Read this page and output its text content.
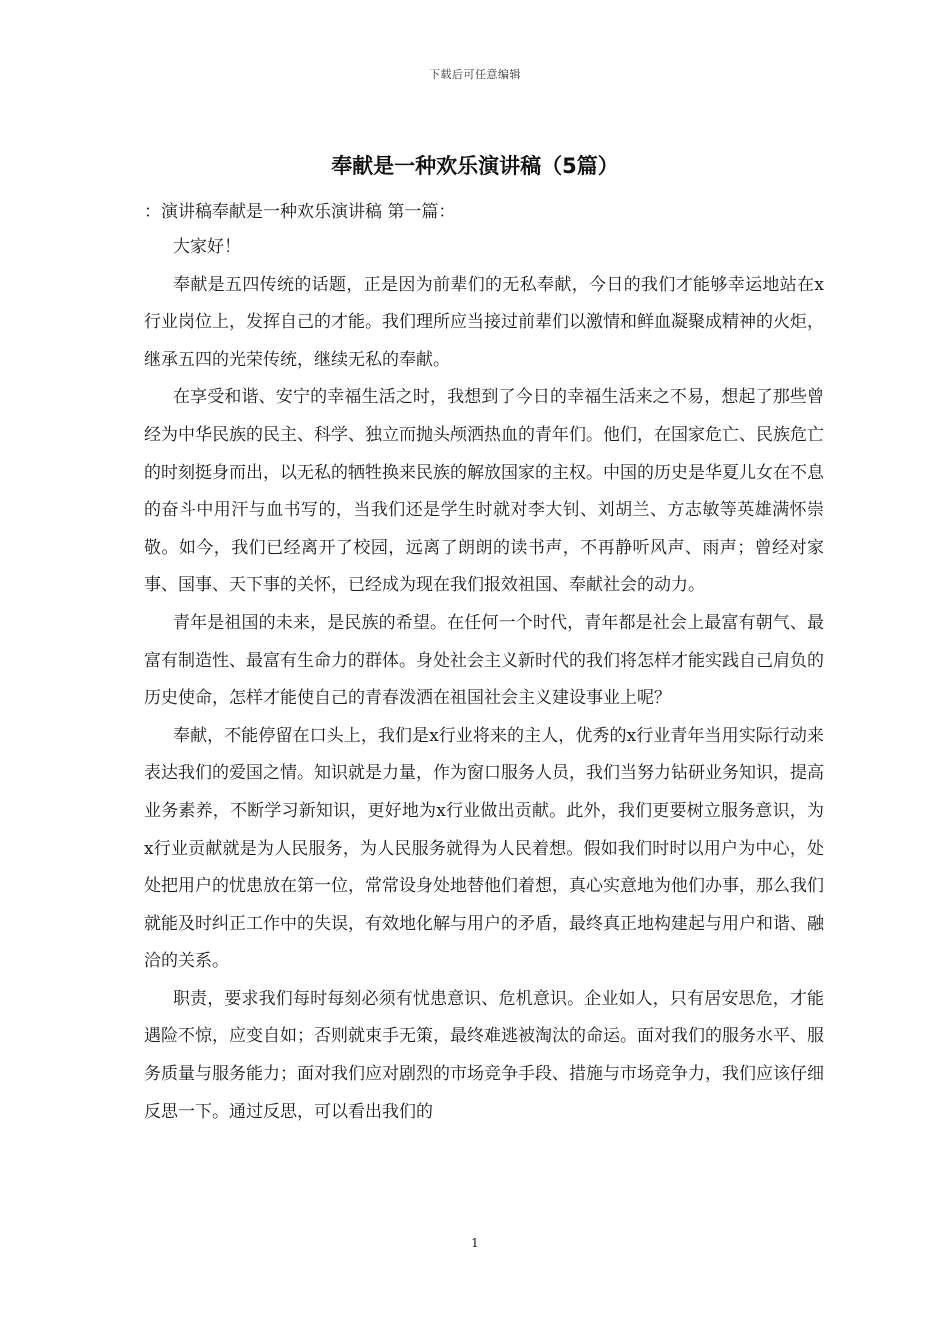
下载后可任意编辑
奉献是一种欢乐演讲稿（5篇）

：演讲稿奉献是一种欢乐演讲稿 第一篇：

大家好！

奉献是五四传统的话题，正是因为前辈们的无私奉献，今日的我们才能够幸运地站在x行业岗位上，发挥自己的才能。我们理所应当接过前辈们以激情和鲜血凝聚成精神的火炬，继承五四的光荣传统，继续无私的奉献。

在享受和谐、安宁的幸福生活之时，我想到了今日的幸福生活来之不易，想起了那些曾经为中华民族的民主、科学、独立而抛头颅洒热血的青年们。他们，在国家危亡、民族危亡的时刻挺身而出，以无私的牺牲换来民族的解放国家的主权。中国的历史是华夏儿女在不息的奋斗中用汗与血书写的，当我们还是学生时就对李大钊、刘胡兰、方志敏等英雄满怀崇敬。如今，我们已经离开了校园，远离了朗朗的读书声，不再静听风声、雨声；曾经对家事、国事、天下事的关怀，已经成为现在我们报效祖国、奉献社会的动力。

青年是祖国的未来，是民族的希望。在任何一个时代，青年都是社会上最富有朝气、最富有制造性、最富有生命力的群体。身处社会主义新时代的我们将怎样才能实践自己肩负的历史使命，怎样才能使自己的青春泼洒在祖国社会主义建设事业上呢？

奉献，不能停留在口头上，我们是x行业将来的主人，优秀的x行业青年当用实际行动来表达我们的爱国之情。知识就是力量，作为窗口服务人员，我们当努力钻研业务知识，提高业务素养，不断学习新知识，更好地为x行业做出贡献。此外，我们更要树立服务意识，为x行业贡献就是为人民服务，为人民服务就得为人民着想。假如我们时时以用户为中心，处处把用户的忧患放在第一位，常常设身处地替他们着想，真心实意地为他们办事，那么我们就能及时纠正工作中的失误，有效地化解与用户的矛盾，最终真正地构建起与用户和谐、融洽的关系。

职责，要求我们每时每刻必须有忧患意识、危机意识。企业如人，只有居安思危，才能遇险不惊，应变自如；否则就束手无策，最终难逃被淘汰的命运。面对我们的服务水平、服务质量与服务能力；面对我们应对剧烈的市场竞争手段、措施与市场竞争力，我们应该仔细反思一下。通过反思，可以看出我们的

1
